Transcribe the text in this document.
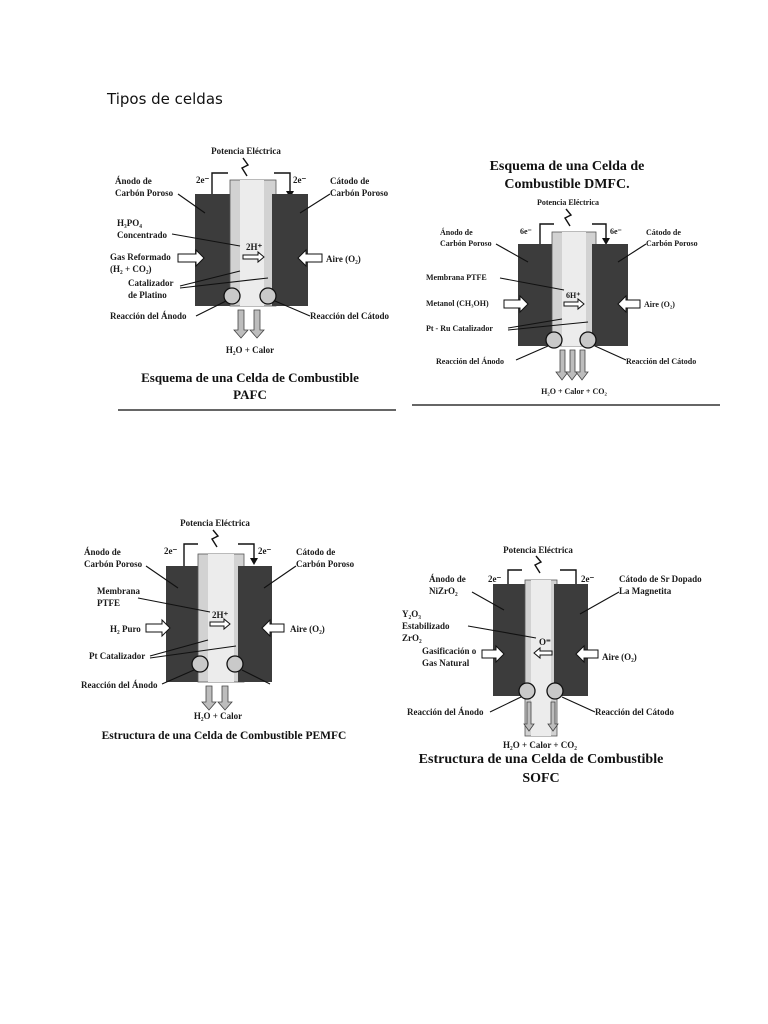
Tipos de celdas
Potencia Eléctrica
2e⁻	2e⁻
2H⁺
Ánodo de
Carbón Poroso
Cátodo de
Carbón Poroso
H₃PO₄
Concentrado
Gas Reformado
(H₂ + CO₂)
Aire (O₂)
Catalizador
de Platino
Reacción del Ánodo	Reacción del Cátodo
H₂O + Calor
Esquema de una Celda de Combustible
PAFC
Esquema de una Celda de
Combustible DMFC.
Potencia Eléctrica
6e⁻	6e⁻
6H⁺
Ánodo de
Carbón Poroso
Cátodo de
Carbón Poroso
Membrana PTFE
Metanol (CH₃OH)	Aire (O₂)
Pt - Ru Catalizador
Reacción del Ánodo	Reacción del Cátodo
H₂O + Calor + CO₂
Potencia Eléctrica
2e⁻	2e⁻
2H⁺
Ánodo de
Carbón Poroso
Cátodo de
Carbón Poroso
Membrana
PTFE
H₂ Puro	Aire (O₂)
Pt Catalizador
Reacción del Ánodo
H₂O + Calor
Estructura de una Celda de Combustible PEMFC
Potencia Eléctrica
2e⁻	2e⁻
O⁼
Ánodo de
NiZrO₂
Cátodo de Sr Dopado
La Magnetita
Y₂O₃
Estabilizado
ZrO₂
Gasificación o
Gas Natural
Aire (O₂)
Reacción del Ánodo	Reacción del Cátodo
H₂O + Calor + CO₂
Estructura de una Celda de Combustible
SOFC
